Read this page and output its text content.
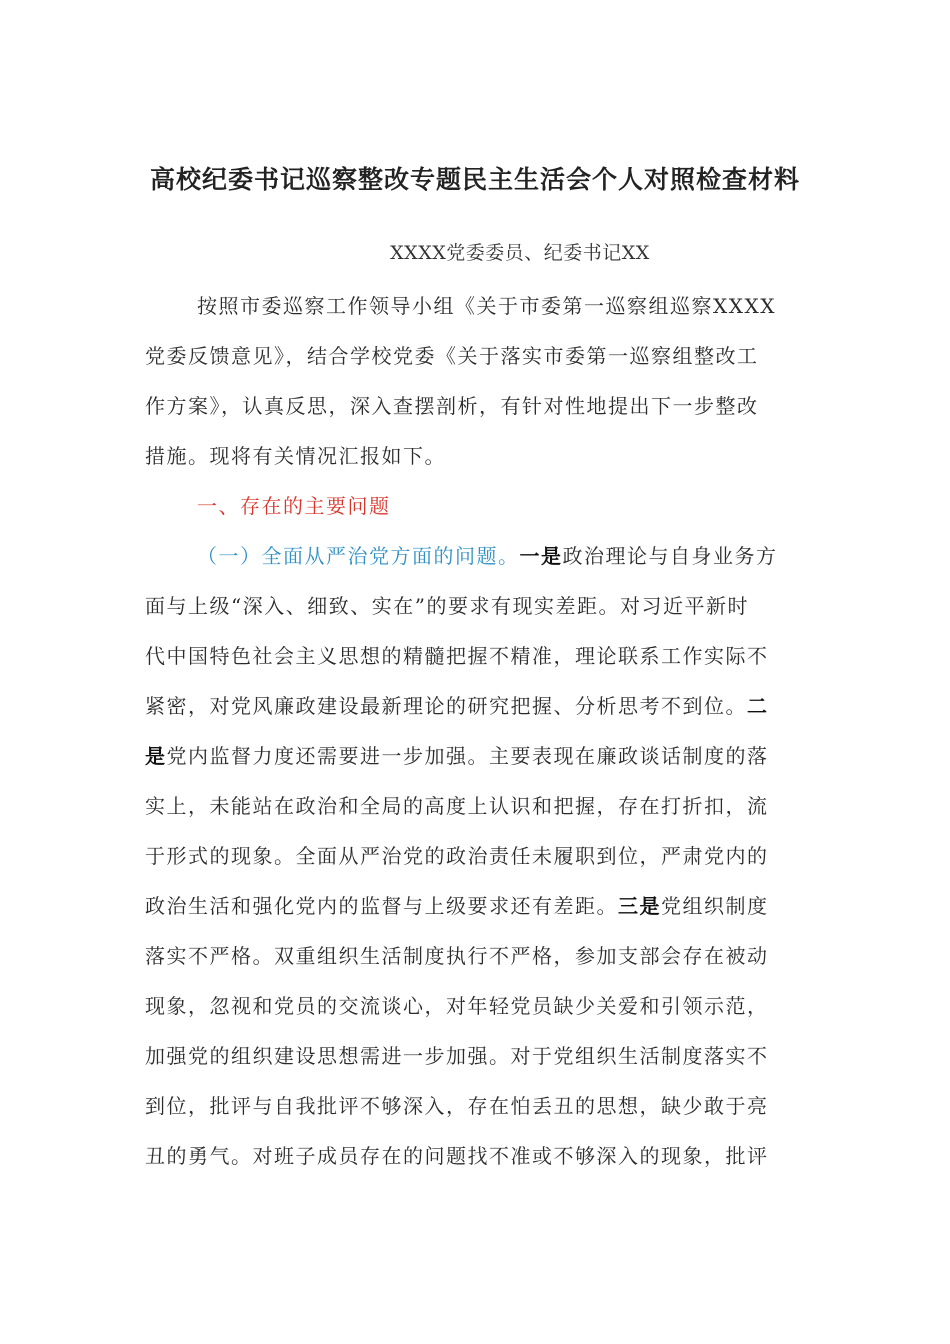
高校纪委书记巡察整改专题民主生活会个人对照检查材料
XXXX党委委员、纪委书记XX
按照市委巡察工作领导小组《关于市委第一巡察组巡察XXXX
党委反馈意见》，结合学校党委《关于落实市委第一巡察组整改工
作方案》，认真反思，深入查摆剖析，有针对性地提出下一步整改
措施。现将有关情况汇报如下。
一、存在的主要问题
（一）全面从严治党方面的问题。一是政治理论与自身业务方
面与上级“深入、细致、实在”的要求有现实差距。对习近平新时
代中国特色社会主义思想的精髓把握不精准，理论联系工作实际不
紧密，对党风廉政建设最新理论的研究把握、分析思考不到位。二
是党内监督力度还需要进一步加强。主要表现在廉政谈话制度的落
实上，未能站在政治和全局的高度上认识和把握，存在打折扣，流
于形式的现象。全面从严治党的政治责任未履职到位，严肃党内的
政治生活和强化党内的监督与上级要求还有差距。三是党组织制度
落实不严格。双重组织生活制度执行不严格，参加支部会存在被动
现象，忽视和党员的交流谈心，对年轻党员缺少关爱和引领示范，
加强党的组织建设思想需进一步加强。对于党组织生活制度落实不
到位，批评与自我批评不够深入，存在怕丢丑的思想，缺少敢于亮
丑的勇气。对班子成员存在的问题找不准或不够深入的现象，批评
